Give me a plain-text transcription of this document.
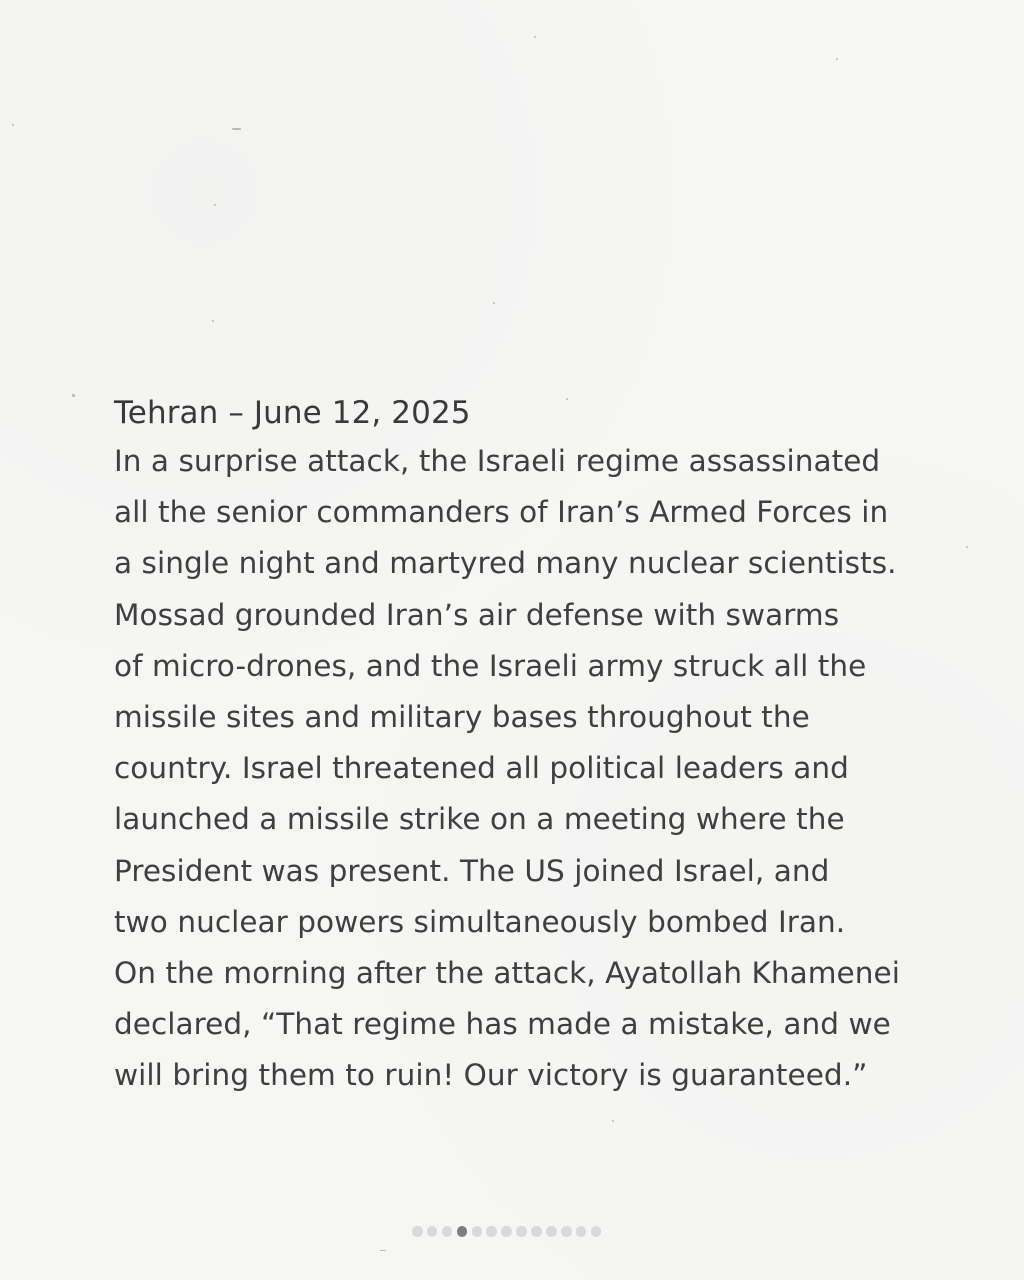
Tehran – June 12, 2025
In a surprise attack, the Israeli regime assassinated
all the senior commanders of Iran’s Armed Forces in
a single night and martyred many nuclear scientists.
Mossad grounded Iran’s air defense with swarms
of micro-drones, and the Israeli army struck all the
missile sites and military bases throughout the
country. Israel threatened all political leaders and
launched a missile strike on a meeting where the
President was present. The US joined Israel, and
two nuclear powers simultaneously bombed Iran.
On the morning after the attack, Ayatollah Khamenei
declared, “That regime has made a mistake, and we
will bring them to ruin! Our victory is guaranteed.”
